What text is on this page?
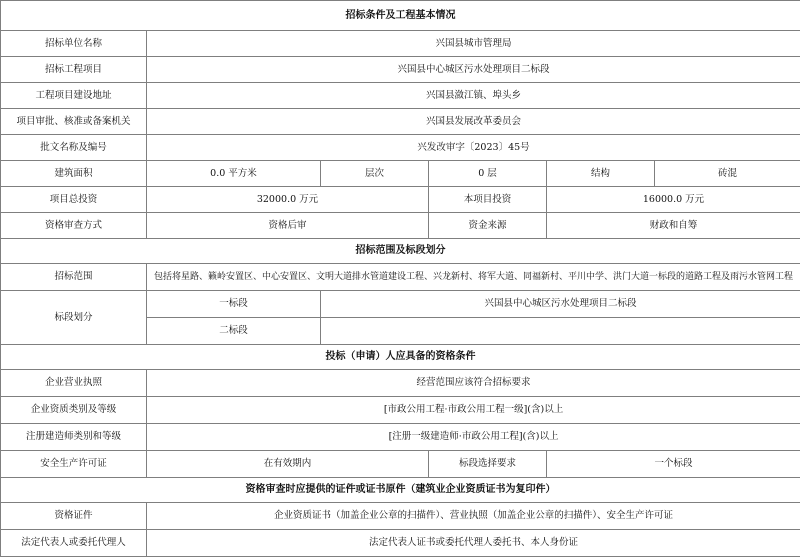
招标条件及工程基本情况					
招标单位名称	兴国县城市管理局				
招标工程项目	兴国县中心城区污水处理项目二标段				
工程项目建设地址	兴国县潋江镇、埠头乡				
项目审批、核准或备案机关	兴国县发展改革委员会				
批文名称及编号	兴发改审字〔2023〕45号				
建筑面积	0.0 平方米	层次	0 层	结构	砖混
项目总投资	32000.0 万元		本项目投资	16000.0 万元	
资格审查方式	资格后审		资金来源	财政和自筹	
招标范围及标段划分					
招标范围	包括将星路、籁岭安置区、中心安置区、文明大道排水管道建设工程、兴龙新村、将军大道、同福新村、平川中学、洪门大道一标段的道路工程及雨污水管网工程				
标段划分	一标段	兴国县中心城区污水处理项目二标段			
	二标段				
投标（申请）人应具备的资格条件					
企业营业执照	经营范围应该符合招标要求				
企业资质类别及等级	[市政公用工程·市政公用工程一级](含)以上				
注册建造师类别和等级	[注册一级建造师·市政公用工程](含)以上				
安全生产许可证	在有效期内		标段选择要求	一个标段	
资格审查时应提供的证件或证书原件（建筑业企业资质证书为复印件）					
资格证件	企业资质证书（加盖企业公章的扫描件）、营业执照（加盖企业公章的扫描件）、安全生产许可证				
法定代表人或委托代理人	法定代表人证书或委托代理人委托书、本人身份证				
